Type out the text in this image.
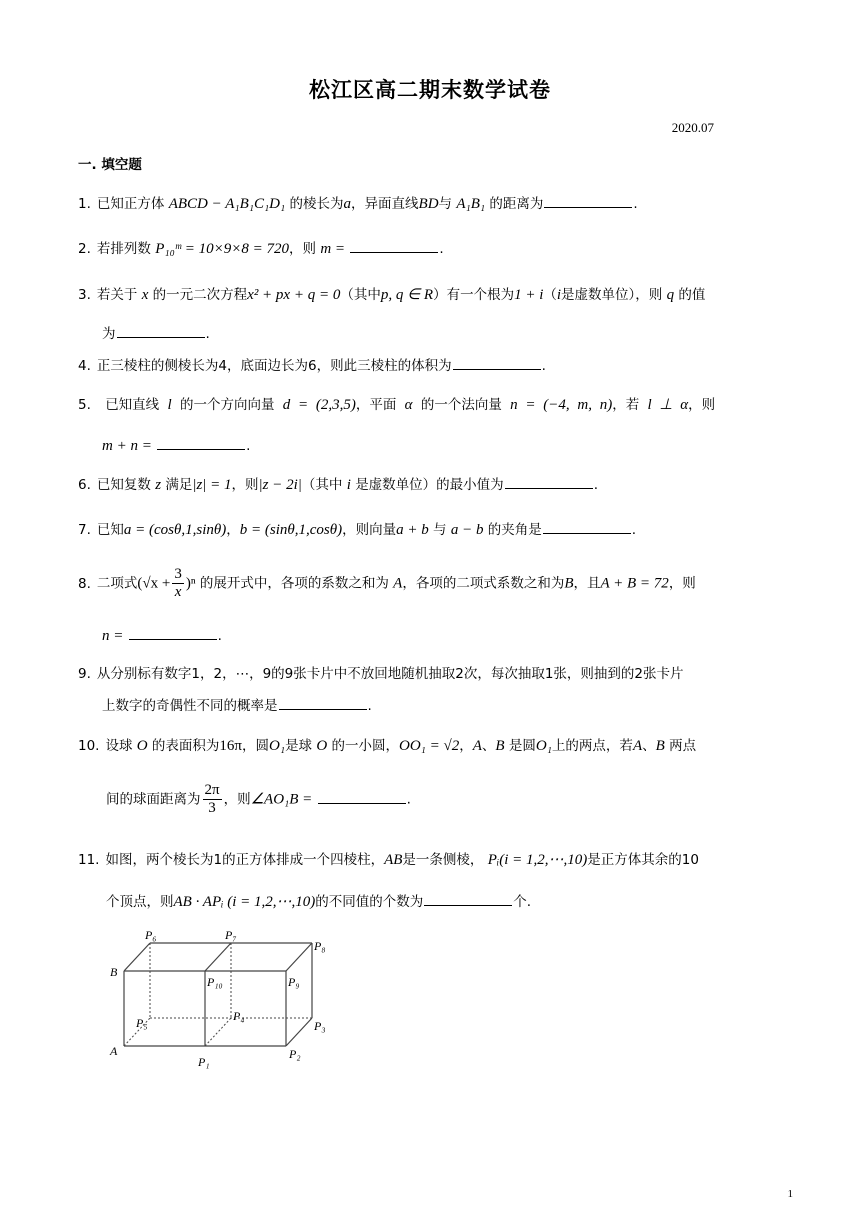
松江区高二期末数学试卷
2020.07
一. 填空题
1. 已知正方体 ABCD − A₁B₁C₁D₁ 的棱长为a，异面直线BD与 A₁B₁ 的距离为	.
2. 若排列数 P₁₀ᵐ = 10×9×8 = 720，则 m =	.
3. 若关于 x 的一元二次方程x² + px + q = 0（其中p, q ∈ R）有一个根为1 + i（i是虚数单位），则 q 的值
为	.
4. 正三棱柱的侧棱长为4，底面边长为6，则此三棱柱的体积为	.
5. 已知直线 l 的一个方向向量 d = (2,3,5)，平面 α 的一个法向量 n = (−4, m, n)，若 l ⊥ α，则
m + n =	.
6. 已知复数 z 满足|z| = 1，则|z − 2i|（其中 i 是虚数单位）的最小值为	.
7. 已知a = (cosθ,1,sinθ)，b = (sinθ,1,cosθ)，则向量a + b 与 a − b 的夹角是	.
8. 二项式$(√x + \frac{3}{x} )^n$ 的展开式中，各项的系数之和为 A，各项的二项式系数之和为B，且A + B = 72，则
n =	.
9. 从分别标有数字1，2，⋯，9的9张卡片中不放回地随机抽取2次，每次抽取1张，则抽到的2张卡片
上数字的奇偶性不同的概率是	.
10. 设球 O 的表面积为16π，圆O₁是球 O 的一小圆，OO₁ = √2，A、B 是圆O₁上的两点，若A、B 两点
间的球面距离为 $\frac{2\pi}{3}$ ，则∠AO₁B =	.
11. 如图，两个棱长为1的正方体排成一个四棱柱，AB是一条侧棱， Pᵢ(i = 1,2,⋯,10)是正方体其余的10
个顶点，则AB · APᵢ (i = 1,2,⋯,10)的不同值的个数为	个.
A
B
P₁
P₂
P₃
P₄
P₅
P₆	P₇
P₈
P₉
P₁₀
1
